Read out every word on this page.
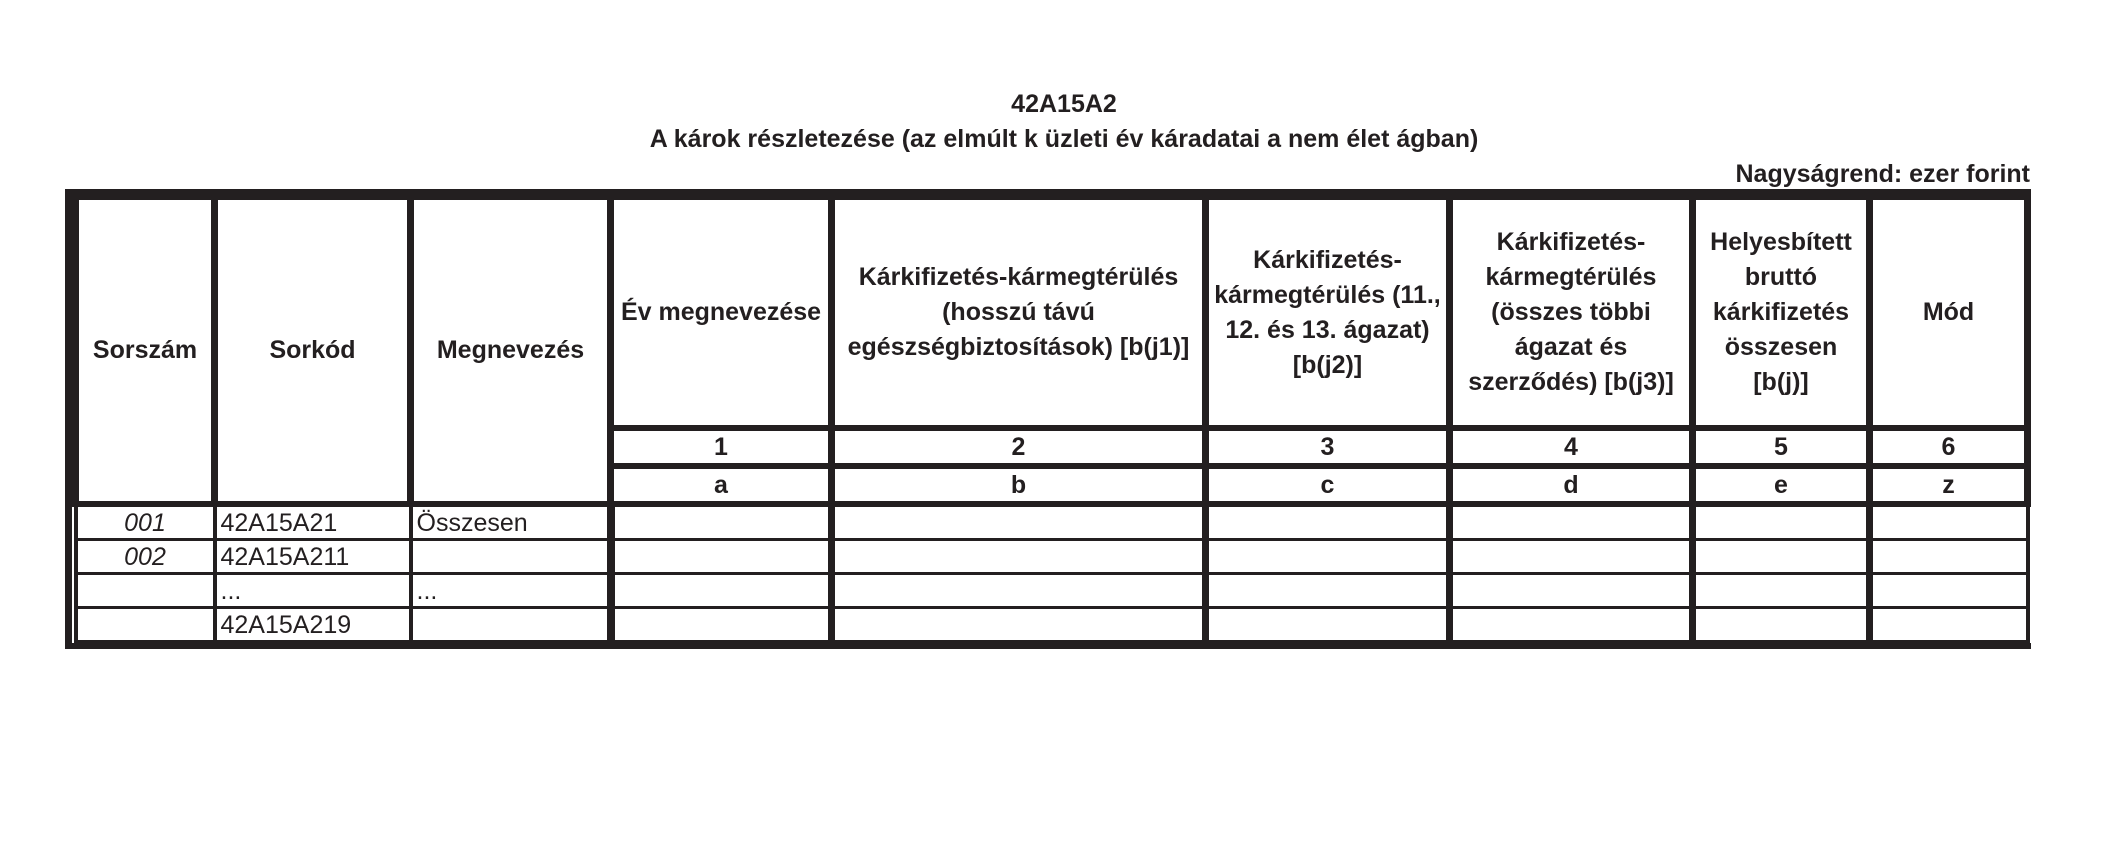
42A15A2
A károk részletezése (az elmúlt k üzleti év káradatai a nem élet ágban)
Nagyságrend: ezer forint
Sorszám	Sorkód	Megnevezés	Év megnevezése	Kárkifizetés-kármegtérülés (hosszú távú egészségbiztosítások) [b(j1)]	Kárkifizetés-kármegtérülés (11., 12. és 13. ágazat) [b(j2)]	Kárkifizetés-kármegtérülés (összes többi ágazat és szerződés) [b(j3)]	Helyesbített bruttó kárkifizetés összesen [b(j)]	Mód
			1	2	3	4	5	6
			a	b	c	d	e	z
001	42A15A21	Összesen						
002	42A15A211							
	...	...						
	42A15A219							
